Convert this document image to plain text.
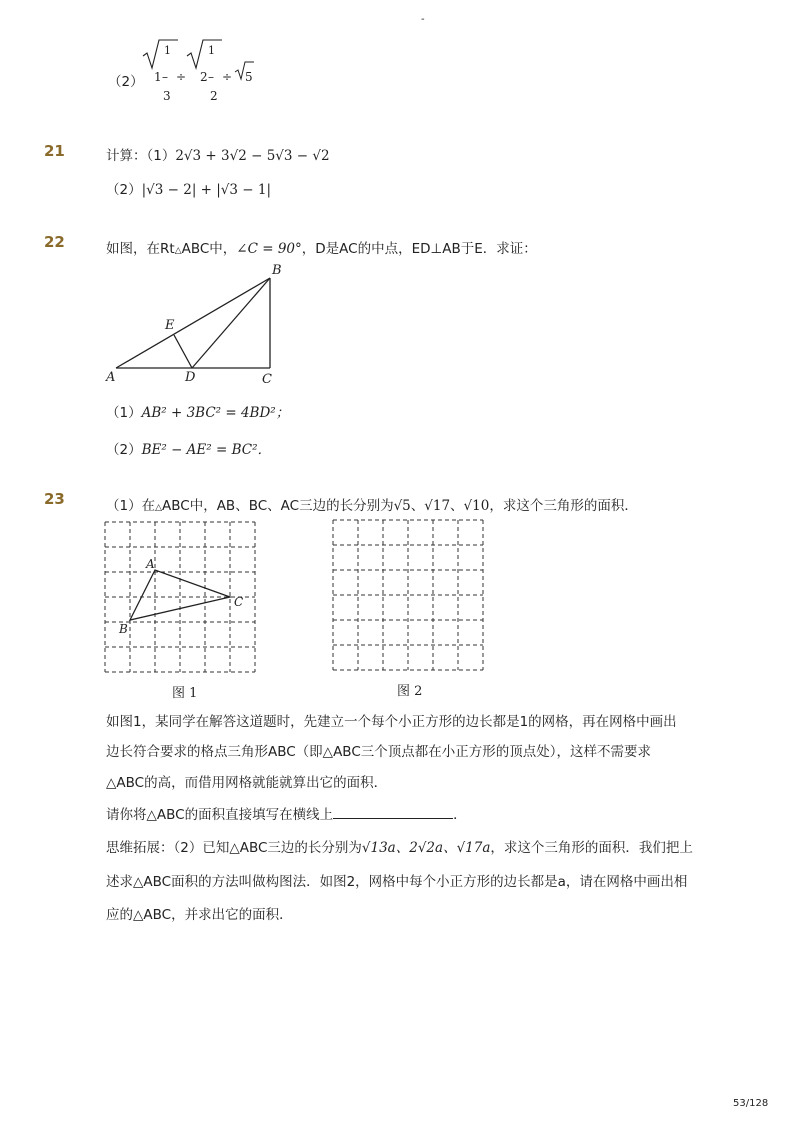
-
（2）
1	1
1 – ÷ 2 – ÷ 5
3	2
21	计算：（1）2√3 + 3√2 − 5√3 − √2
（2）|√3 − 2| + |√3 − 1|
22	如图，在Rt△ABC中，∠C = 90°，D是AC的中点，ED⊥AB于E．求证：
B
E
A	D	C
（1）AB² + 3BC² = 4BD²；
（2）BE² − AE² = BC²．
23	（1）在△ABC中，AB、BC、AC三边的长分别为√5、√17、√10，求这个三角形的面积．
A
C
B
图 1	图 2
如图1，某同学在解答这道题时，先建立一个每个小正方形的边长都是1的网格，再在网格中画出
边长符合要求的格点三角形ABC（即△ABC三个顶点都在小正方形的顶点处），这样不需要求
△ABC的高，而借用网格就能就算出它的面积．
请你将△ABC的面积直接填写在横线上	．
思维拓展：（2）已知△ABC三边的长分别为√13a、2√2a、√17a，求这个三角形的面积．我们把上
述求△ABC面积的方法叫做构图法．如图2，网格中每个小正方形的边长都是a，请在网格中画出相
应的△ABC，并求出它的面积．
53/128
